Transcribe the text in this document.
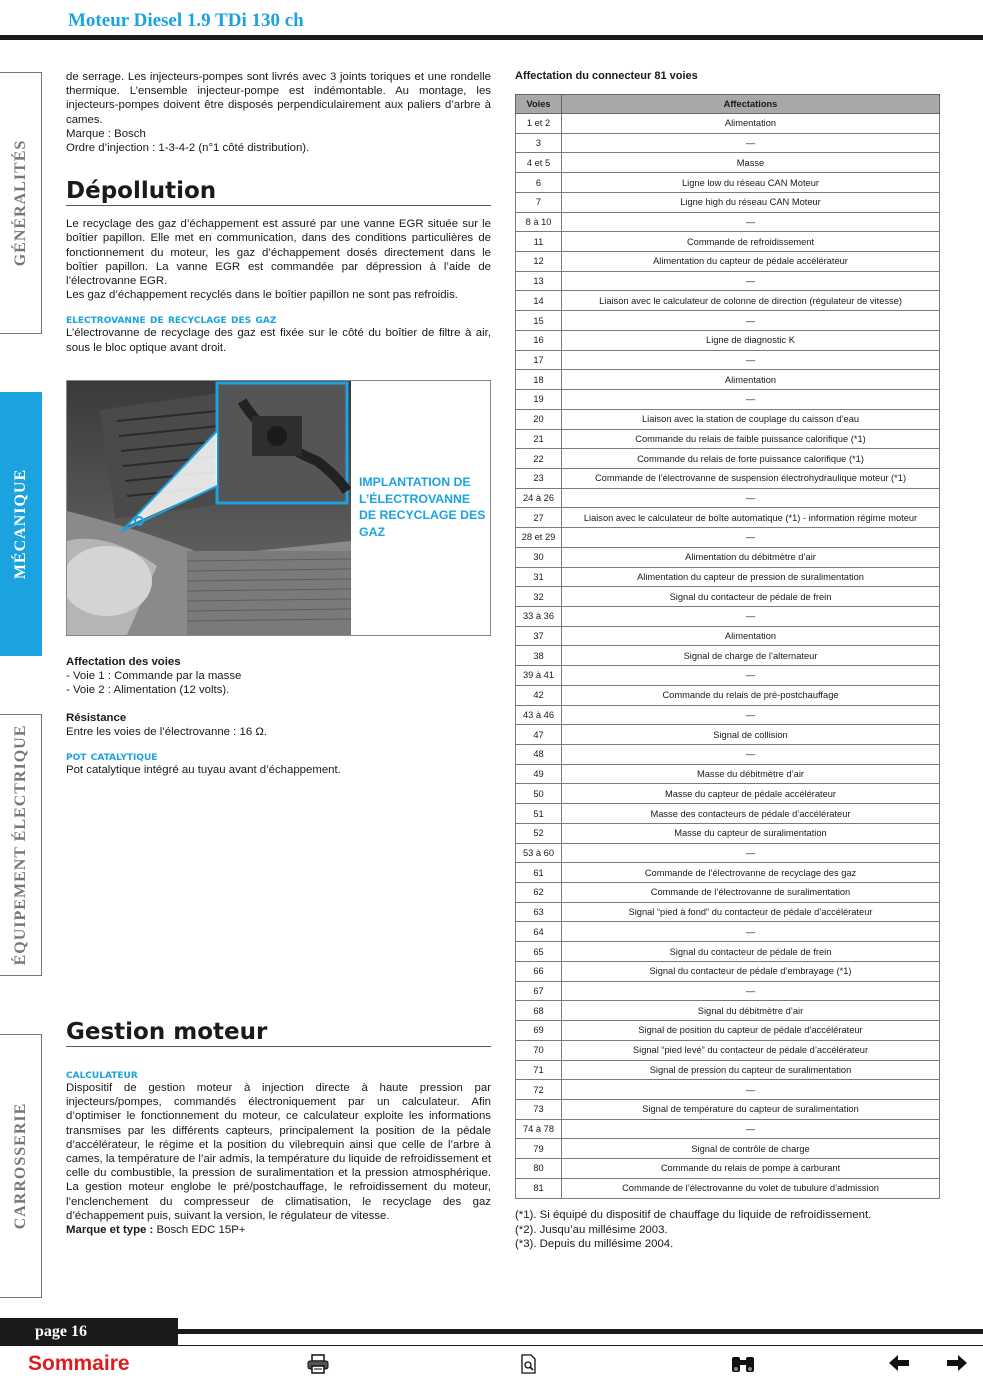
Moteur Diesel 1.9 TDi 130 ch
GÉNÉRALITÉS
MÉCANIQUE
ÉQUIPEMENT ÉLECTRIQUE
CARROSSERIE

de serrage. Les injecteurs-pompes sont livrés avec 3 joints toriques et une rondelle thermique. L’ensemble injecteur-pompe est indémontable. Au montage, les injecteurs-pompes doivent être disposés perpendiculairement aux paliers d’arbre à cames.

Marque : Bosch

Ordre d’injection : 1-3-4-2 (n°1 côté distribution).

Dépollution

Le recyclage des gaz d’échappement est assuré par une vanne EGR située sur le boîtier papillon. Elle met en communication, dans des conditions particulières de fonctionnement du moteur, les gaz d’échappement dosés directement dans le boîtier papillon. La vanne EGR est commandée par dépression à l’aide de l’électrovanne EGR.

Les gaz d’échappement recyclés dans le boîtier papillon ne sont pas refroidis.

electrovanne de recyclage des gaz

L’électrovanne de recyclage des gaz est fixée sur le côté du boîtier de filtre à air, sous le bloc optique avant droit.

IMPLANTATION DE L’ÉLECTROVANNE DE RECYCLAGE DES GAZ

Affectation des voies

- Voie 1 : Commande par la masse

- Voie 2 : Alimentation (12 volts).

Résistance

Entre les voies de l’électrovanne : 16 Ω.

pot catalytique

Pot catalytique intégré au tuyau avant d’échappement.

Gestion moteur
calculateur

Dispositif de gestion moteur à injection directe à haute pression par injecteurs/pompes, commandés électroniquement par un calculateur. Afin d’optimiser le fonctionnement du moteur, ce calculateur exploite les informations transmises par les différents capteurs, principalement la position de la pédale d’accélérateur, le régime et la position du vilebrequin ainsi que celle de l’arbre à cames, la température de l’air admis, la température du liquide de refroidissement et celle du combustible, la pression de suralimentation et la pression atmosphérique. La gestion moteur englobe le pré/postchauffage, le refroidissement du moteur, l’enclenchement du compresseur de climatisation, le recyclage des gaz d’échappement puis, suivant la version, le régulateur de vitesse.

Marque et type : Bosch EDC 15P+

Affectation du connecteur 81 voies
Voies	Affectations
1 et 2	Alimentation
3	—
4 et 5	Masse
6	Ligne low du réseau CAN Moteur
7	Ligne high du réseau CAN Moteur
8 à 10	—
11	Commande de refroidissement
12	Alimentation du capteur de pédale accélérateur
13	—
14	Liaison avec le calculateur de colonne de direction (régulateur de vitesse)
15	—
16	Ligne de diagnostic K
17	—
18	Alimentation
19	—
20	Liaison avec la station de couplage du caisson d’eau
21	Commande du relais de faible puissance calorifique (*1)
22	Commande du relais de forte puissance calorifique (*1)
23	Commande de l’électrovanne de suspension électrohydraulique moteur (*1)
24 à 26	—
27	Liaison avec le calculateur de boîte automatique (*1) - information régime moteur
28 et 29	—
30	Alimentation du débitmètre d’air
31	Alimentation du capteur de pression de suralimentation
32	Signal du contacteur de pédale de frein
33 à 36	—
37	Alimentation
38	Signal de charge de l’alternateur
39 à 41	—
42	Commande du relais de pré-postchauffage
43 à 46	—
47	Signal de collision
48	—
49	Masse du débitmètre d’air
50	Masse du capteur de pédale accélérateur
51	Masse des contacteurs de pédale d’accélérateur
52	Masse du capteur de suralimentation
53 à 60	—
61	Commande de l’électrovanne de recyclage des gaz
62	Commande de l’électrovanne de suralimentation
63	Signal “pied à fond” du contacteur de pédale d’accélérateur
64	—
65	Signal du contacteur de pédale de frein
66	Signal du contacteur de pédale d’embrayage (*1)
67	—
68	Signal du débitmètre d’air
69	Signal de position du capteur de pédale d’accélérateur
70	Signal “pied levé” du contacteur de pédale d’accélérateur
71	Signal de pression du capteur de suralimentation
72	—
73	Signal de température du capteur de suralimentation
74 à 78	—
79	Signal de contrôle de charge
80	Commande du relais de pompe à carburant
81	Commande de l’électrovanne du volet de tubulure d’admission

(*1). Si équipé du dispositif de chauffage du liquide de refroidissement.

(*2). Jusqu’au millésime 2003.

(*3). Depuis du millésime 2004.

page 16
Sommaire
